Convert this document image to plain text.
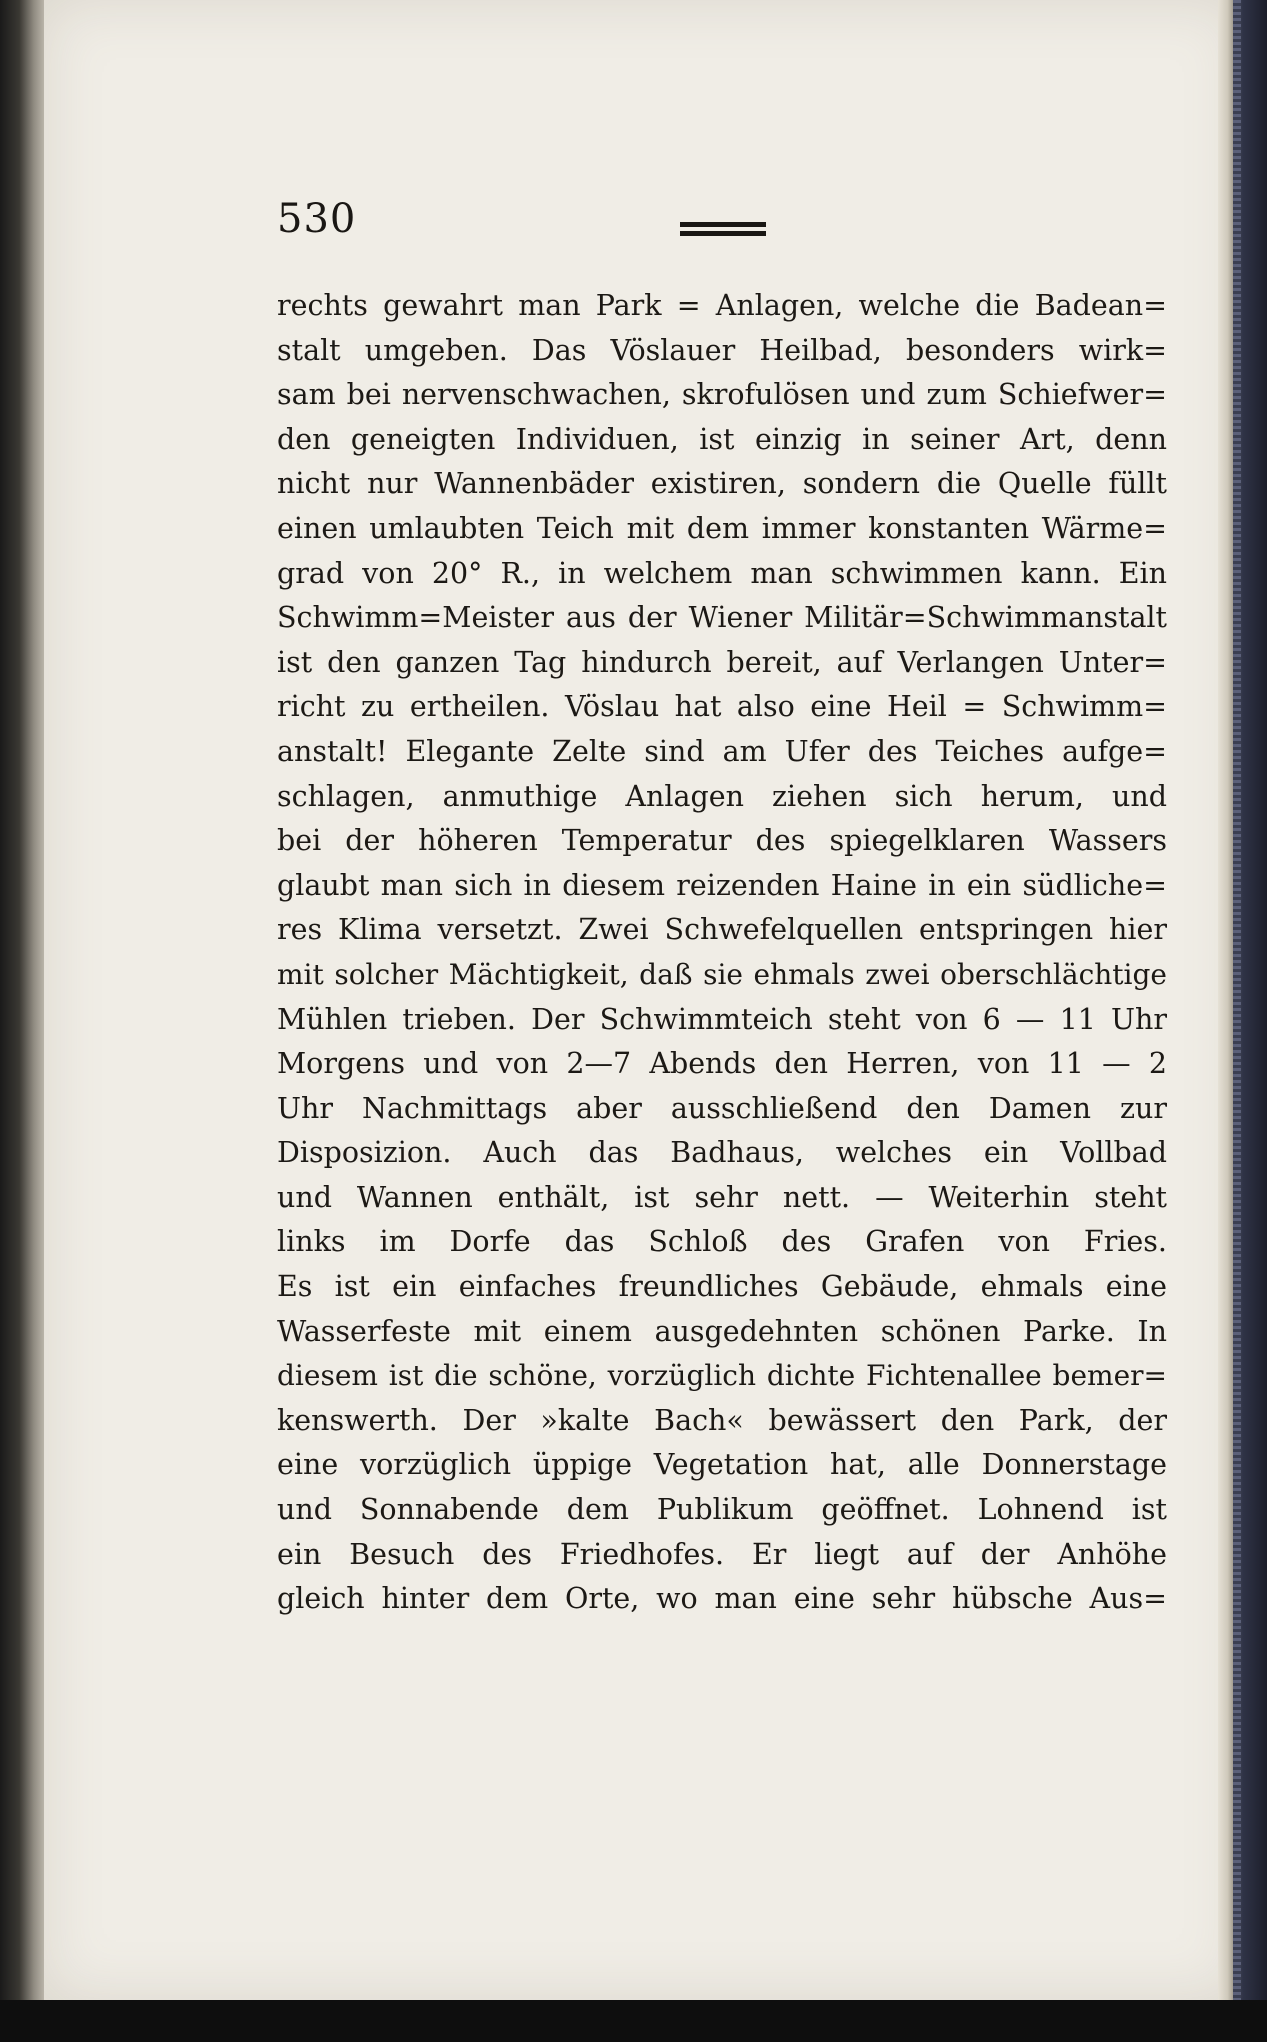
530
rechts gewahrt man Park = Anlagen, welche die Badean=
stalt umgeben. Das Vöslauer Heilbad, besonders wirk=
sam bei nervenschwachen, skrofulösen und zum Schiefwer=
den geneigten Individuen, ist einzig in seiner Art, denn
nicht nur Wannenbäder existiren, sondern die Quelle füllt
einen umlaubten Teich mit dem immer konstanten Wärme=
grad von 20° R., in welchem man schwimmen kann. Ein
Schwimm=Meister aus der Wiener Militär=Schwimmanstalt
ist den ganzen Tag hindurch bereit, auf Verlangen Unter=
richt zu ertheilen. Vöslau hat also eine Heil = Schwimm=
anstalt! Elegante Zelte sind am Ufer des Teiches aufge=
schlagen, anmuthige Anlagen ziehen sich herum, und
bei der höheren Temperatur des spiegelklaren Wassers
glaubt man sich in diesem reizenden Haine in ein südliche=
res Klima versetzt. Zwei Schwefelquellen entspringen hier
mit solcher Mächtigkeit, daß sie ehmals zwei oberschlächtige
Mühlen trieben. Der Schwimmteich steht von 6 — 11 Uhr
Morgens und von 2—7 Abends den Herren, von 11 — 2
Uhr Nachmittags aber ausschließend den Damen zur
Disposizion. Auch das Badhaus, welches ein Vollbad
und Wannen enthält, ist sehr nett. — Weiterhin steht
links im Dorfe das Schloß des Grafen von Fries.
Es ist ein einfaches freundliches Gebäude, ehmals eine
Wasserfeste mit einem ausgedehnten schönen Parke. In
diesem ist die schöne, vorzüglich dichte Fichtenallee bemer=
kenswerth. Der »kalte Bach« bewässert den Park, der
eine vorzüglich üppige Vegetation hat, alle Donnerstage
und Sonnabende dem Publikum geöffnet. Lohnend ist
ein Besuch des Friedhofes. Er liegt auf der Anhöhe
gleich hinter dem Orte, wo man eine sehr hübsche Aus=
